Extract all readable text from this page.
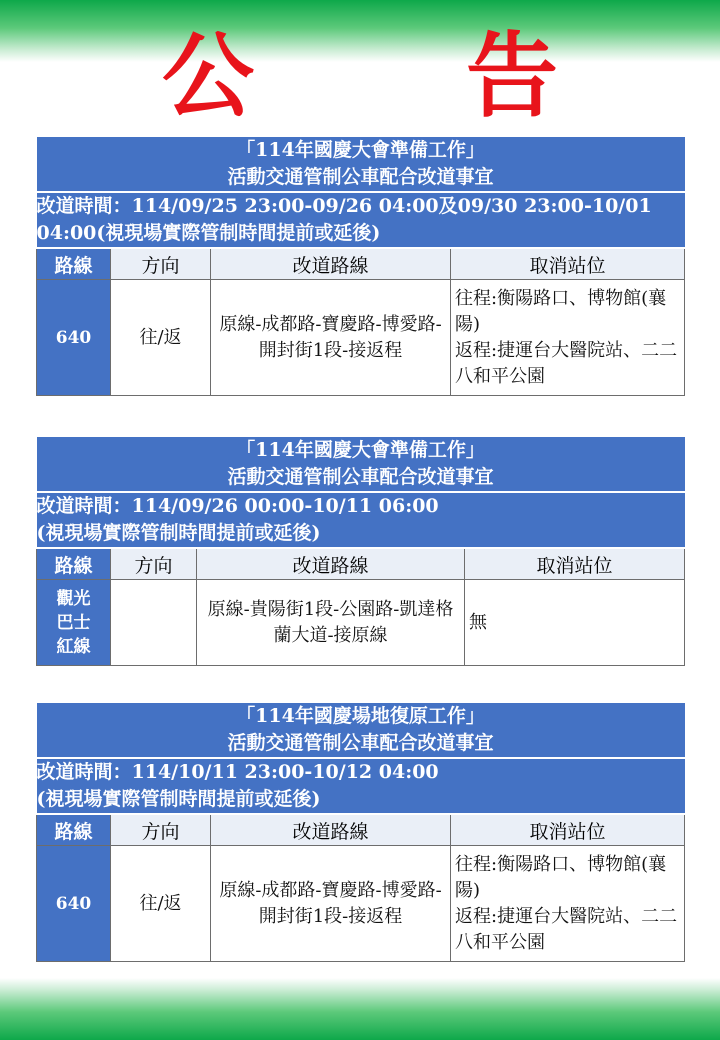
公 告
「114年國慶大會準備工作」
活動交通管制公車配合改道事宜			

改道時間：114/09/25 23:00-09/26 04:00及09/30 23:00-10/01
04:00(視現場實際管制時間提前或延後)			

路線	方向	改道路線	取消站位
640	往/返	原線-成都路-寶慶路-博愛路-開封街1段-接返程	往程:衡陽路口、博物館(襄陽)
返程:捷運台大醫院站、二二八和平公園
「114年國慶大會準備工作」
活動交通管制公車配合改道事宜			

改道時間：114/09/26 00:00-10/11 06:00
(視現場實際管制時間提前或延後)			

路線	方向	改道路線	取消站位
觀光
巴士
紅線		原線-貴陽街1段-公園路-凱達格蘭大道-接原線	無
「114年國慶場地復原工作」
活動交通管制公車配合改道事宜			

改道時間：114/10/11 23:00-10/12 04:00
(視現場實際管制時間提前或延後)			

路線	方向	改道路線	取消站位
640	往/返	原線-成都路-寶慶路-博愛路-開封街1段-接返程	往程:衡陽路口、博物館(襄陽)
返程:捷運台大醫院站、二二八和平公園
